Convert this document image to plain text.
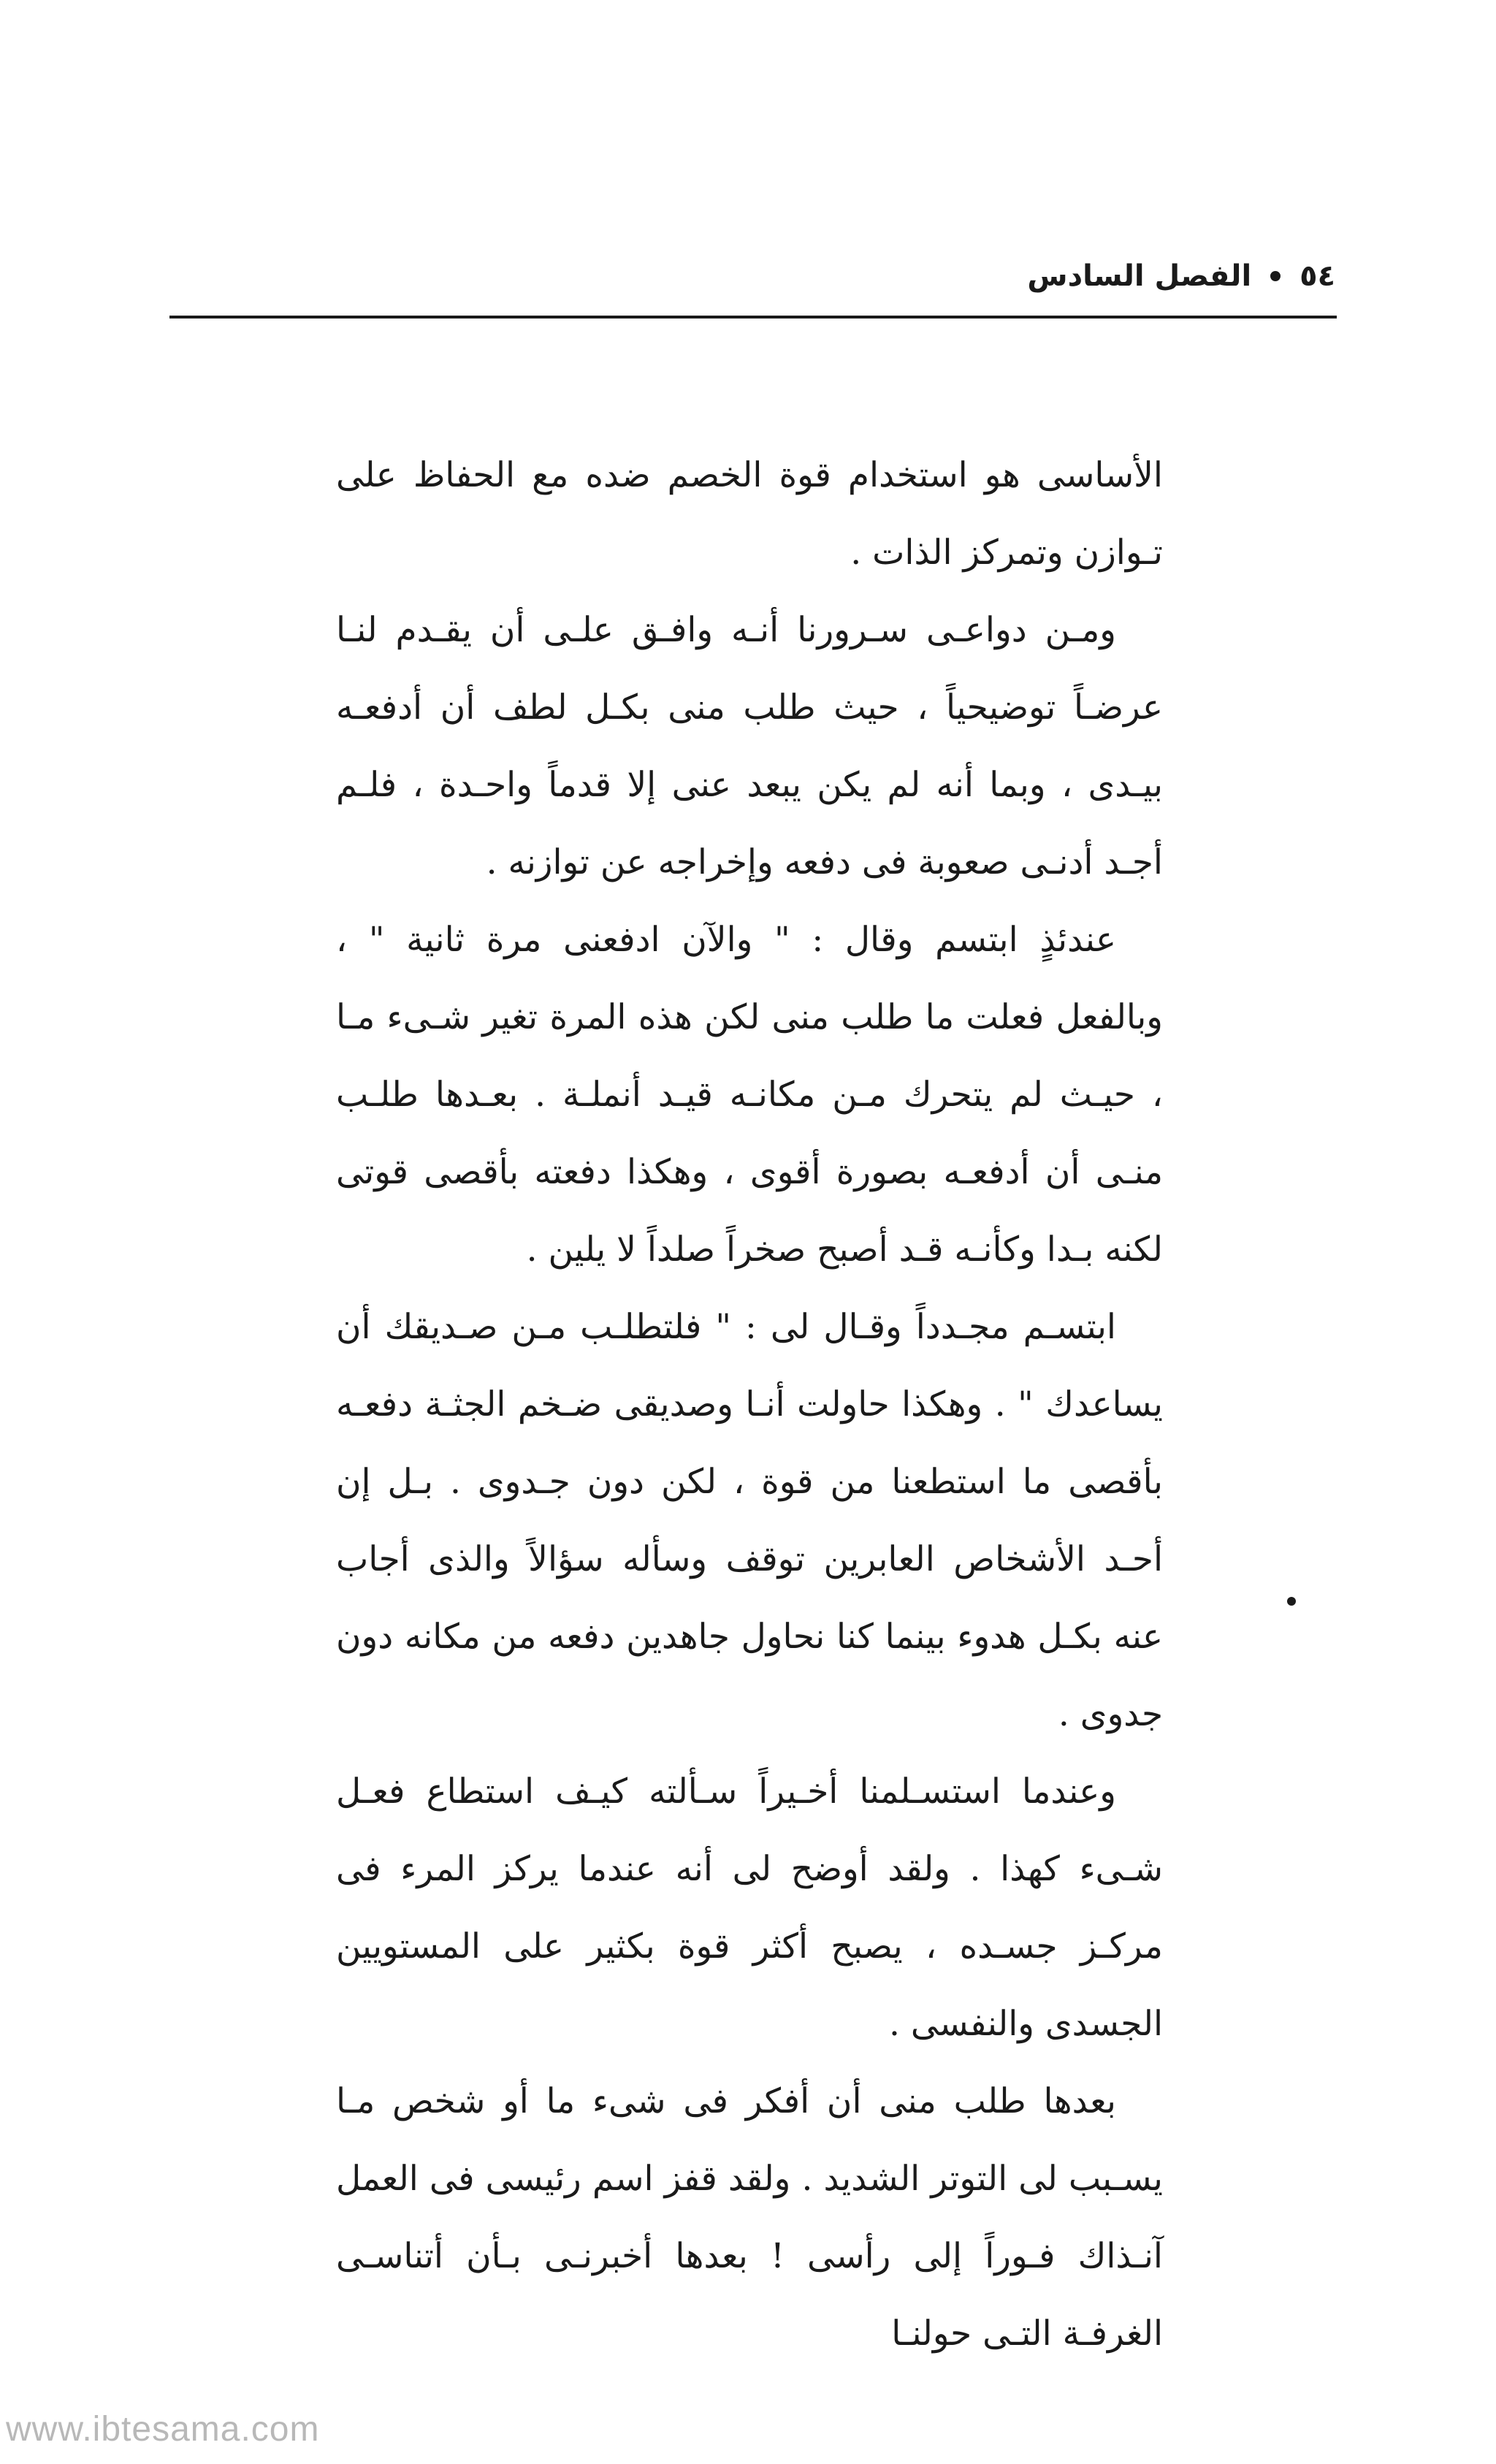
٥٤
الفصل السادس

الأساسى هو استخدام قوة الخصم ضده مع الحفاظ على تـوازن وتمركز الذات .

ومـن دواعـى سـرورنا أنـه وافـق علـى أن يقـدم لنـا عرضـاً توضيحياً ، حيث طلب منى بكـل لطف أن أدفعـه بيـدى ، وبما أنه لم يكن يبعد عنى إلا قدماً واحـدة ، فلـم أجـد أدنـى صعوبة فى دفعه وإخراجه عن توازنه .

عندئذٍ ابتسم وقال : " والآن ادفعنى مرة ثانية " ، وبالفعل فعلت ما طلب منى لكن هذه المرة تغير شـىء مـا ، حيـث لم يتحرك مـن مكانـه قيـد أنملـة . بعـدها طلـب منـى أن أدفعـه بصورة أقوى ، وهكذا دفعته بأقصى قوتى لكنه بـدا وكأنـه قـد أصبح صخراً صلداً لا يلين .

ابتسـم مجـدداً وقـال لى : " فلتطلـب مـن صـديقك أن يساعدك " . وهكذا حاولت أنـا وصديقى ضـخم الجثـة دفعـه بأقصى ما استطعنا من قوة ، لكن دون جـدوى . بـل إن أحـد الأشخاص العابرين توقف وسأله سؤالاً والذى أجاب عنه بكـل هدوء بينما كنا نحاول جاهدين دفعه من مكانه دون جدوى .

وعندما استسـلمنا أخـيراً سـألته كيـف استطاع فعـل شـىء كهذا . ولقد أوضح لى أنه عندما يركز المرء فى مركـز جسـده ، يصبح أكثر قوة بكثير على المستويين الجسدى والنفسى .

بعدها طلب منى أن أفكر فى شىء ما أو شخص مـا يسـبب لى التوتر الشديد . ولقد قفز اسم رئيسى فى العمل آنـذاك فـوراً إلى رأسى ! بعدها أخبرنـى بـأن أتناسـى الغرفـة التـى حولنـا

www.ibtesama.com
